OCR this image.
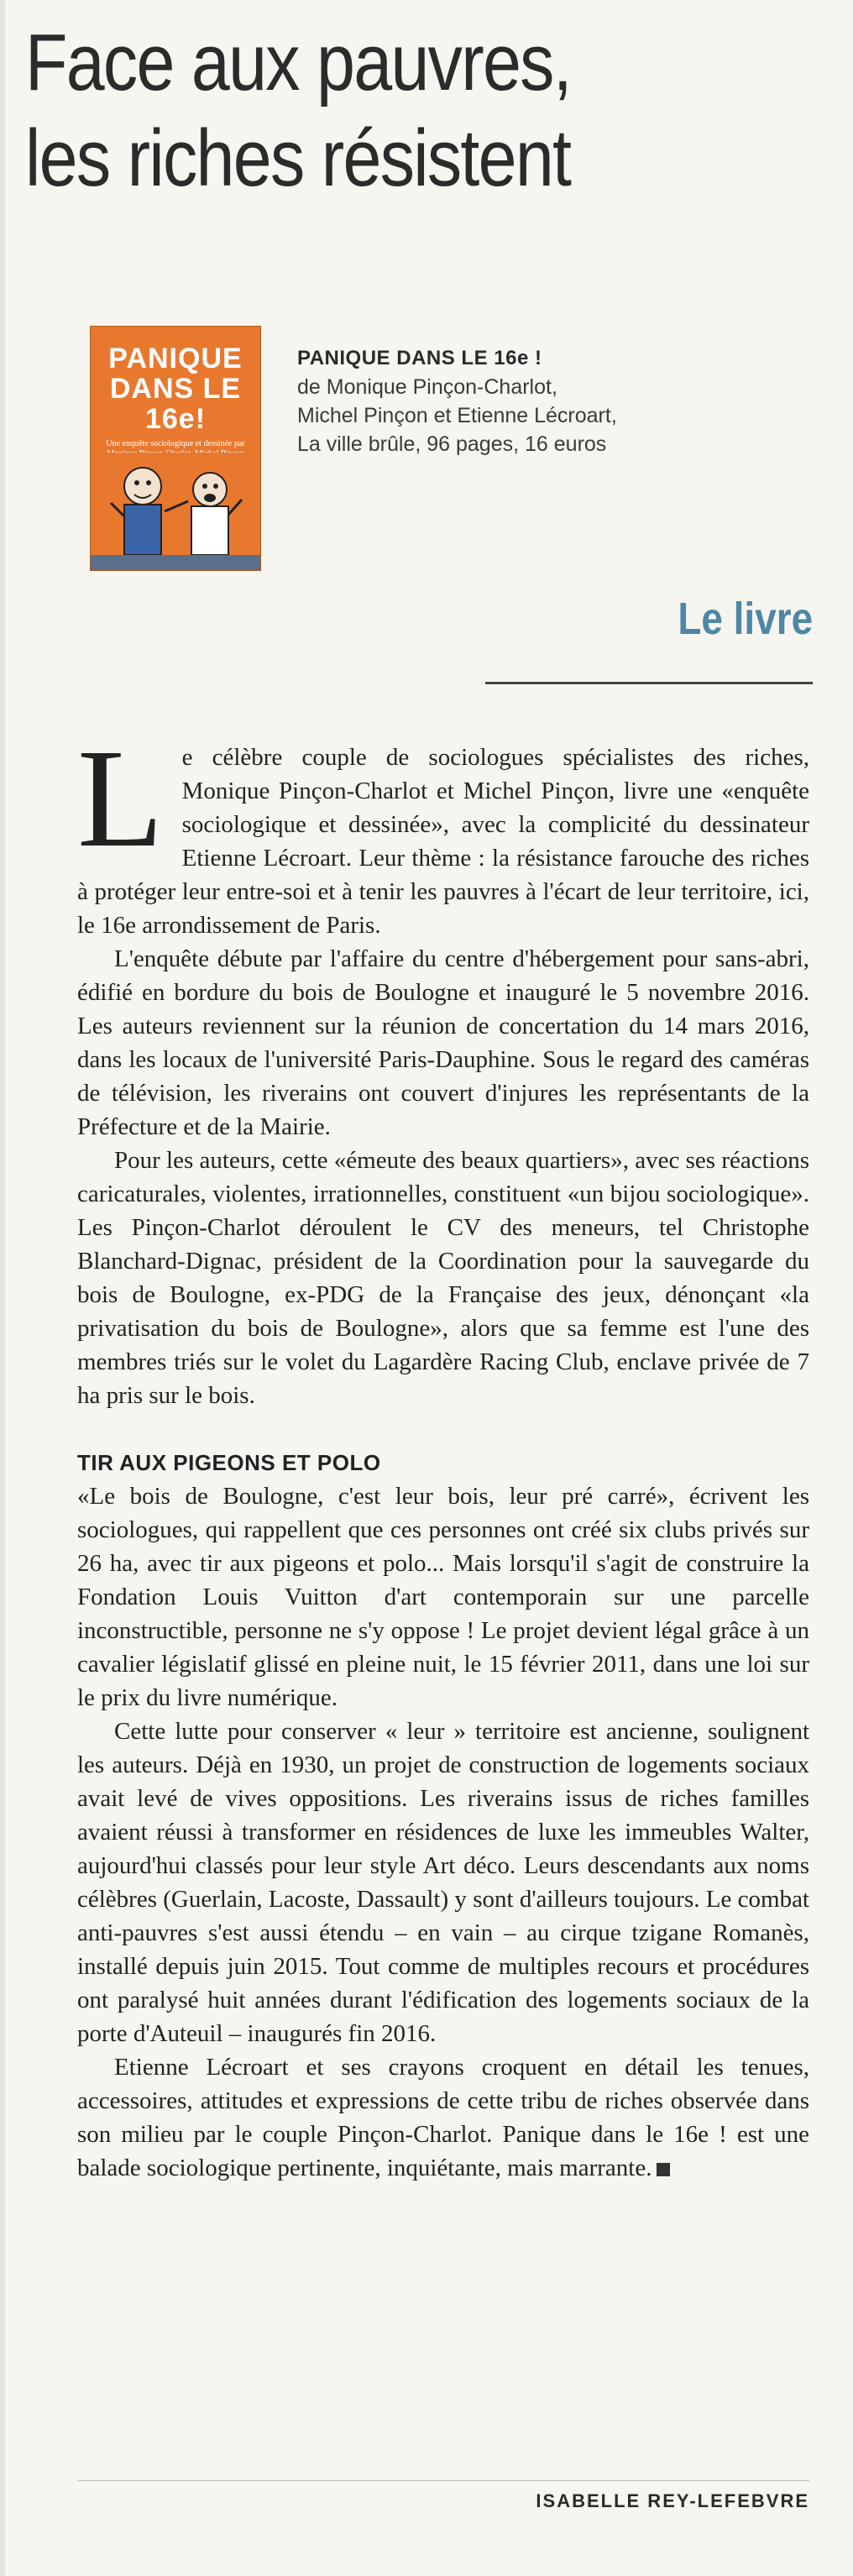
Face aux pauvres,
les riches résistent
PANIQUE
DANS LE 16e!
Une enquête sociologique et dessinée par
PANIQUE DANS LE 16e !
de Monique Pinçon-Charlot,
Michel Pinçon et Etienne Lécroart,
La ville brûle, 96 pages, 16 euros
Le livre

Le célèbre couple de sociologues spécialistes des riches, Monique Pinçon-Charlot et Michel Pinçon, livre une «enquête sociologique et dessinée», avec la complicité du dessinateur Etienne Lécroart. Leur thème : la résistance farouche des riches à protéger leur entre-soi et à tenir les pauvres à l'écart de leur territoire, ici, le 16e arrondissement de Paris.

L'enquête débute par l'affaire du centre d'hébergement pour sans-abri, édifié en bordure du bois de Boulogne et inauguré le 5 novembre 2016. Les auteurs reviennent sur la réunion de concertation du 14 mars 2016, dans les locaux de l'université Paris-Dauphine. Sous le regard des caméras de télévision, les riverains ont couvert d'injures les représentants de la Préfecture et de la Mairie.

Pour les auteurs, cette «émeute des beaux quartiers», avec ses réactions caricaturales, violentes, irrationnelles, constituent «un bijou sociologique». Les Pinçon-Charlot déroulent le CV des meneurs, tel Christophe Blanchard-Dignac, président de la Coordination pour la sauvegarde du bois de Boulogne, ex-PDG de la Française des jeux, dénonçant «la privatisation du bois de Boulogne», alors que sa femme est l'une des membres triés sur le volet du Lagardère Racing Club, enclave privée de 7 ha pris sur le bois.

TIR AUX PIGEONS ET POLO

«Le bois de Boulogne, c'est leur bois, leur pré carré», écrivent les sociologues, qui rappellent que ces personnes ont créé six clubs privés sur 26 ha, avec tir aux pigeons et polo... Mais lorsqu'il s'agit de construire la Fondation Louis Vuitton d'art contemporain sur une parcelle inconstructible, personne ne s'y oppose ! Le projet devient légal grâce à un cavalier législatif glissé en pleine nuit, le 15 février 2011, dans une loi sur le prix du livre numérique.

Cette lutte pour conserver « leur » territoire est ancienne, soulignent les auteurs. Déjà en 1930, un projet de construction de logements sociaux avait levé de vives oppositions. Les riverains issus de riches familles avaient réussi à transformer en résidences de luxe les immeubles Walter, aujourd'hui classés pour leur style Art déco. Leurs descendants aux noms célèbres (Guerlain, Lacoste, Dassault) y sont d'ailleurs toujours. Le combat anti-pauvres s'est aussi étendu – en vain – au cirque tzigane Romanès, installé depuis juin 2015. Tout comme de multiples recours et procédures ont paralysé huit années durant l'édification des logements sociaux de la porte d'Auteuil – inaugurés fin 2016.

Etienne Lécroart et ses crayons croquent en détail les tenues, accessoires, attitudes et expressions de cette tribu de riches observée dans son milieu par le couple Pinçon-Charlot. Panique dans le 16e ! est une balade sociologique pertinente, inquiétante, mais marrante.

ISABELLE REY-LEFEBVRE
